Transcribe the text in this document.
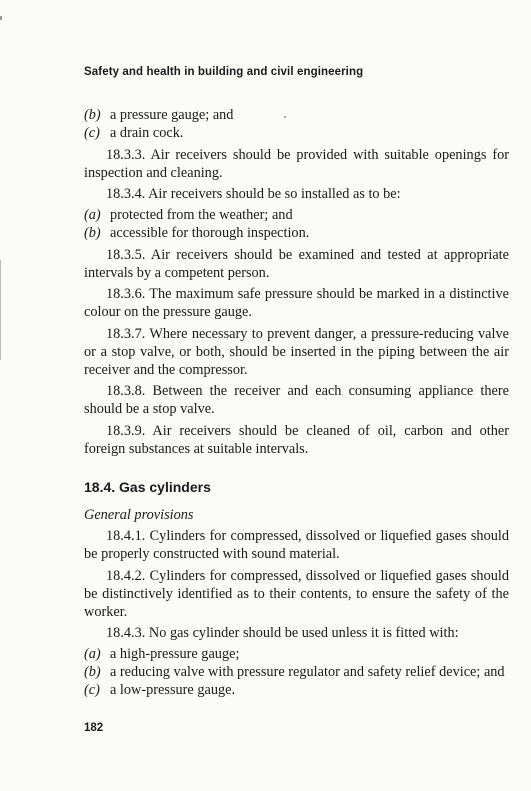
Safety and health in building and civil engineering
(b) a pressure gauge; and
(c) a drain cock.

18.3.3. Air receivers should be provided with suitable openings for inspection and cleaning.

18.3.4. Air receivers should be so installed as to be:

(a) protected from the weather; and
(b) accessible for thorough inspection.

18.3.5. Air receivers should be examined and tested at appropriate intervals by a competent person.

18.3.6. The maximum safe pressure should be marked in a distinctive colour on the pressure gauge.

18.3.7. Where necessary to prevent danger, a pressure-reducing valve or a stop valve, or both, should be inserted in the piping between the air receiver and the compressor.

18.3.8. Between the receiver and each consuming appliance there should be a stop valve.

18.3.9. Air receivers should be cleaned of oil, carbon and other foreign substances at suitable intervals.

18.4. Gas cylinders

General provisions

18.4.1. Cylinders for compressed, dissolved or liquefied gases should be properly constructed with sound material.

18.4.2. Cylinders for compressed, dissolved or liquefied gases should be distinctively identified as to their contents, to ensure the safety of the worker.

18.4.3. No gas cylinder should be used unless it is fitted with:

(a) a high-pressure gauge;
(b) a reducing valve with pressure regulator and safety relief device; and
(c) a low-pressure gauge.
182
